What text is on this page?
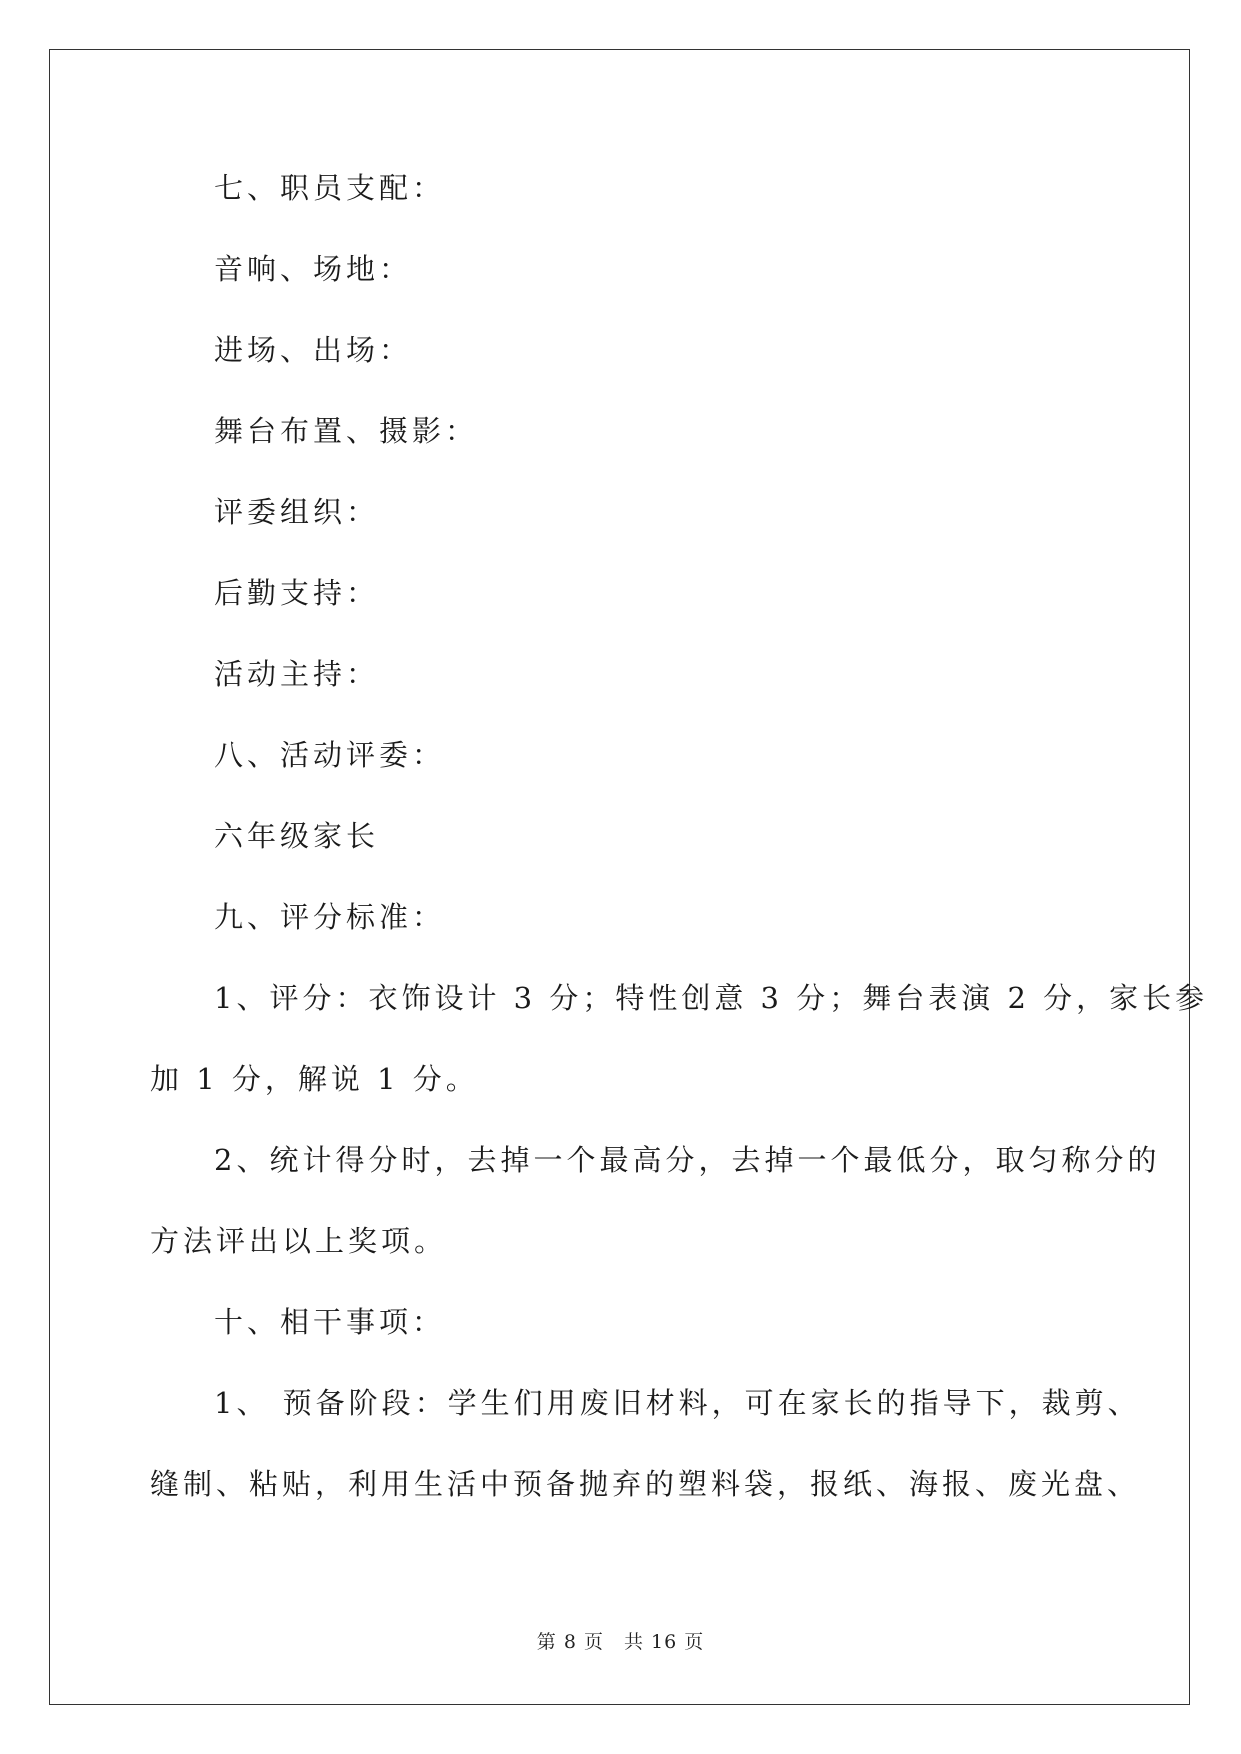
七、职员支配：
音响、场地：
进场、出场：
舞台布置、摄影：
评委组织：
后勤支持：
活动主持：
八、活动评委：
六年级家长
九、评分标准：
1、评分：衣饰设计 3 分；特性创意 3 分；舞台表演 2 分，家长参
加 1 分，解说 1 分。
2、统计得分时，去掉一个最高分，去掉一个最低分，取匀称分的
方法评出以上奖项。
十、相干事项：
1、 预备阶段：学生们用废旧材料，可在家长的指导下，裁剪、
缝制、粘贴，利用生活中预备抛弃的塑料袋，报纸、海报、废光盘、
第 8 页　共 16 页
